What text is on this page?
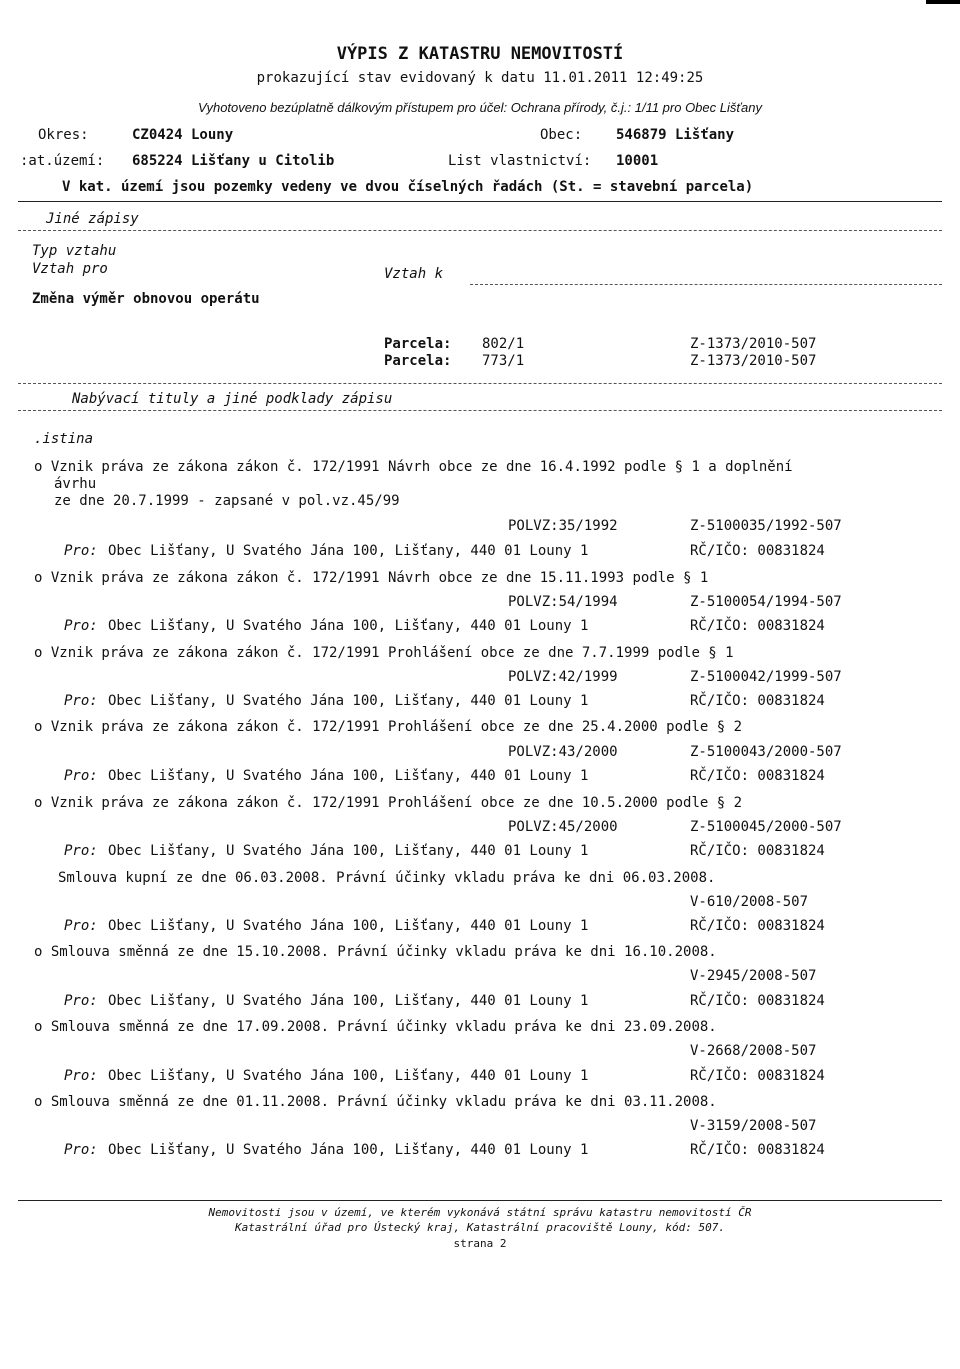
VÝPIS Z KATASTRU NEMOVITOSTÍ
prokazující stav evidovaný k datu 11.01.2011 12:49:25
Vyhotoveno bezúplatně dálkovým přístupem pro účel: Ochrana přírody, č.j.: 1/11 pro Obec Lišťany
Okres:	CZ0424 Louny	Obec: 546879 Lišťany
:at.území: 685224 Lišťany u Citolib	List vlastnictví: 10001
V kat. území jsou pozemky vedeny ve dvou číselných řadách (St. = stavební parcela)
Jiné zápisy
Typ vztahu
Vztah pro	Vztah k
Změna výměr obnovou operátu
Parcela: 802/1	Z-1373/2010-507
Parcela: 773/1	Z-1373/2010-507
Nabývací tituly a jiné podklady zápisu
.istina
o Vznik práva ze zákona zákon č. 172/1991 Návrh obce ze dne 16.4.1992 podle § 1 a doplnění
ávrhu
ze dne 20.7.1999 - zapsané v pol.vz.45/99
POLVZ:35/1992	Z-5100035/1992-507
Pro: Obec Lišťany, U Svatého Jána 100, Lišťany, 440 01 Louny 1	RČ/IČO: 00831824
o Vznik práva ze zákona zákon č. 172/1991 Návrh obce ze dne 15.11.1993 podle § 1
POLVZ:54/1994	Z-5100054/1994-507
Pro: Obec Lišťany, U Svatého Jána 100, Lišťany, 440 01 Louny 1	RČ/IČO: 00831824
o Vznik práva ze zákona zákon č. 172/1991 Prohlášení obce ze dne 7.7.1999 podle § 1
POLVZ:42/1999	Z-5100042/1999-507
Pro: Obec Lišťany, U Svatého Jána 100, Lišťany, 440 01 Louny 1	RČ/IČO: 00831824
o Vznik práva ze zákona zákon č. 172/1991 Prohlášení obce ze dne 25.4.2000 podle § 2
POLVZ:43/2000	Z-5100043/2000-507
Pro: Obec Lišťany, U Svatého Jána 100, Lišťany, 440 01 Louny 1	RČ/IČO: 00831824
o Vznik práva ze zákona zákon č. 172/1991 Prohlášení obce ze dne 10.5.2000 podle § 2
POLVZ:45/2000	Z-5100045/2000-507
Pro: Obec Lišťany, U Svatého Jána 100, Lišťany, 440 01 Louny 1	RČ/IČO: 00831824
Smlouva kupní ze dne 06.03.2008. Právní účinky vkladu práva ke dni 06.03.2008.
V-610/2008-507
Pro: Obec Lišťany, U Svatého Jána 100, Lišťany, 440 01 Louny 1	RČ/IČO: 00831824
o Smlouva směnná ze dne 15.10.2008. Právní účinky vkladu práva ke dni 16.10.2008.
V-2945/2008-507
Pro: Obec Lišťany, U Svatého Jána 100, Lišťany, 440 01 Louny 1	RČ/IČO: 00831824
o Smlouva směnná ze dne 17.09.2008. Právní účinky vkladu práva ke dni 23.09.2008.
V-2668/2008-507
Pro: Obec Lišťany, U Svatého Jána 100, Lišťany, 440 01 Louny 1	RČ/IČO: 00831824
o Smlouva směnná ze dne 01.11.2008. Právní účinky vkladu práva ke dni 03.11.2008.
V-3159/2008-507
Pro: Obec Lišťany, U Svatého Jána 100, Lišťany, 440 01 Louny 1	RČ/IČO: 00831824
Nemovitosti jsou v území, ve kterém vykonává státní správu katastru nemovitostí ČR
Katastrální úřad pro Ústecký kraj, Katastrální pracoviště Louny, kód: 507.
strana 2
